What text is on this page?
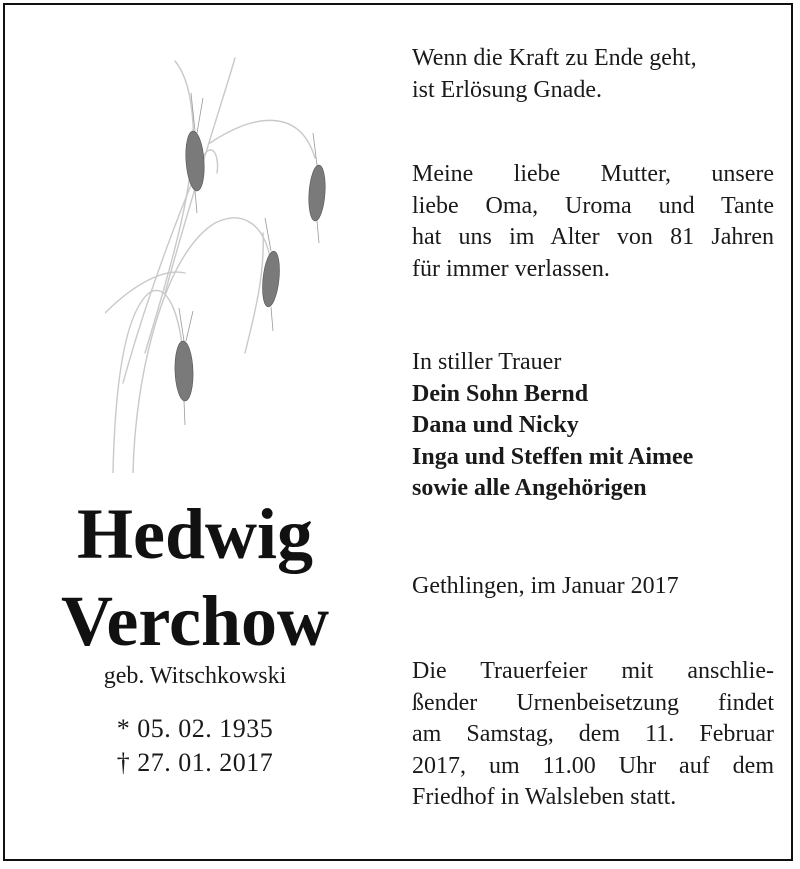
Hedwig
Verchow
geb. Witschkowski
* 05. 02. 1935
† 27. 01. 2017
Wenn die Kraft zu Ende geht,
ist Erlösung Gnade.
Meine liebe Mutter, unsere
liebe Oma, Uroma und Tante
hat uns im Alter von 81 Jahren
für immer verlassen.
In stiller Trauer
Dein Sohn Bernd
Dana und Nicky
Inga und Steffen mit Aimee
sowie alle Angehörigen
Gethlingen, im Januar 2017
Die Trauerfeier mit anschlie-
ßender Urnenbeisetzung findet
am Samstag, dem 11. Februar
2017, um 11.00 Uhr auf dem
Friedhof in Walsleben statt.
